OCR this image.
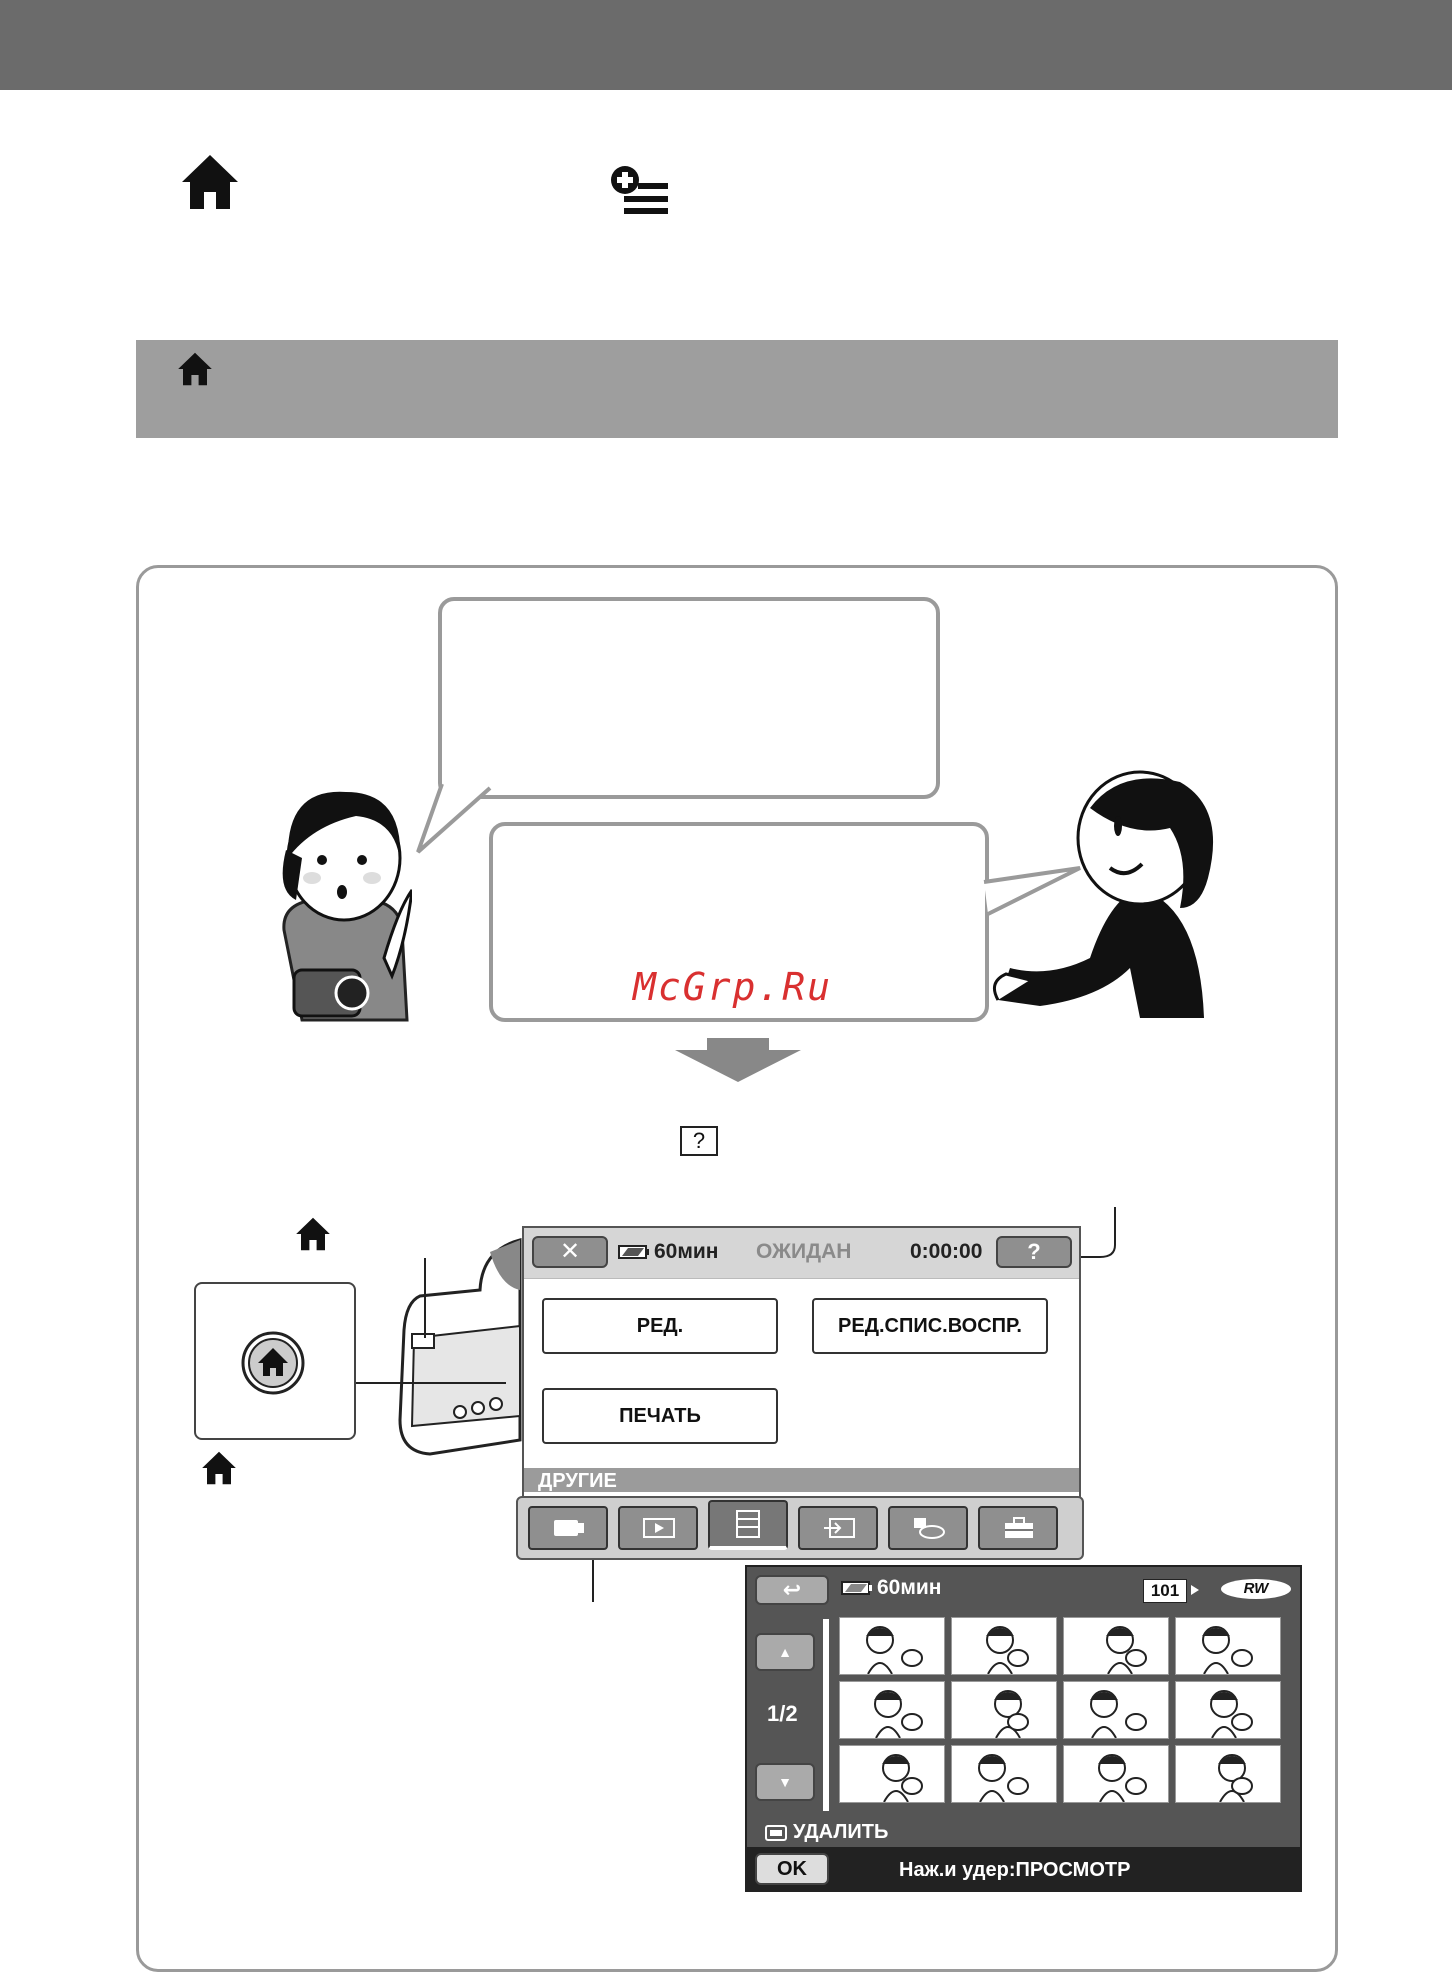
McGrp.Ru
?
✕	60мин ОЖИДАН	0:00:00	?
РЕД.	РЕД.СПИС.ВОСПР.
ПЕЧАТЬ
ДРУГИЕ
↩	60мин	101	RW
▲
1/2
▼
УДАЛИТЬ
OK	Наж.и удер:ПРОСМОТР
